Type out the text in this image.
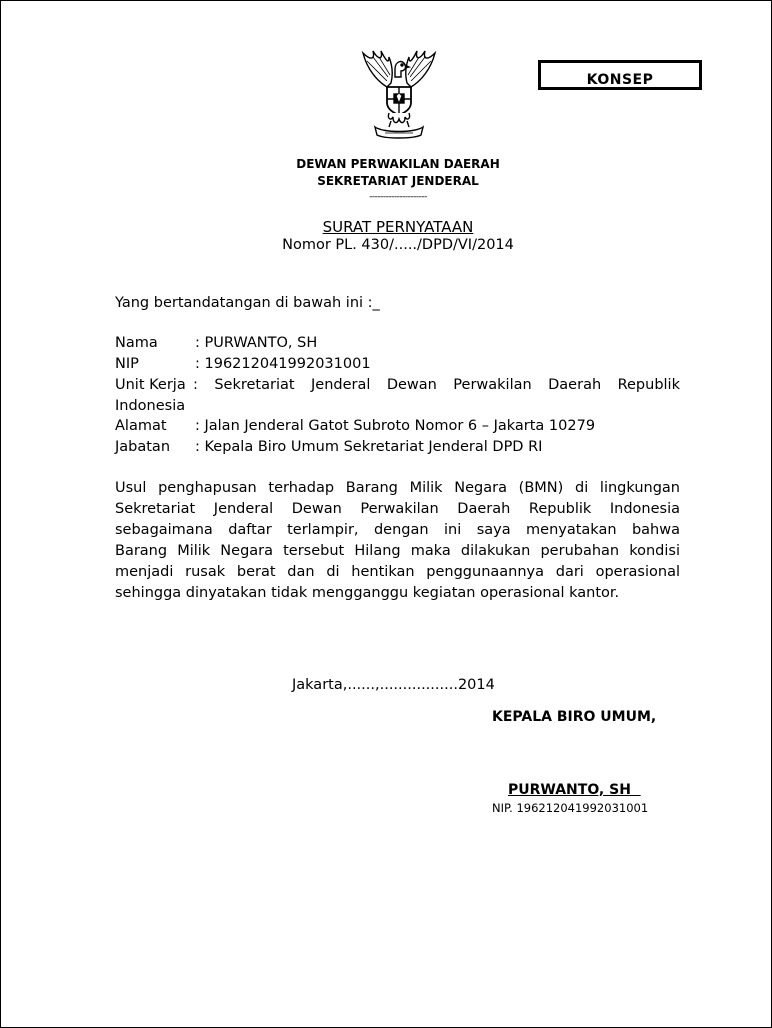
KONSEP
DEWAN PERWAKILAN DAERAH
SEKRETARIAT JENDERAL
---------------------
SURAT PERNYATAAN
Nomor PL. 430/...../DPD/VI/2014
Yang bertandatangan di bawah ini :_
Nama	: PURWANTO, SH
NIP	: 196212041992031001
Unit Kerja : Sekretariat Jenderal Dewan Perwakilan Daerah Republik
Indonesia
Alamat : Jalan Jenderal Gatot Subroto Nomor 6 – Jakarta 10279
Jabatan : Kepala Biro Umum Sekretariat Jenderal DPD RI
Usul penghapusan terhadap Barang Milik Negara (BMN) di lingkungan
Sekretariat Jenderal Dewan Perwakilan Daerah Republik Indonesia
sebagaimana daftar terlampir, dengan ini saya menyatakan bahwa
Barang Milik Negara tersebut Hilang maka dilakukan perubahan kondisi
menjadi rusak berat dan di hentikan penggunaannya dari operasional
sehingga dinyatakan tidak mengganggu kegiatan operasional kantor.
Jakarta,......,.................2014
KEPALA BIRO UMUM,
PURWANTO, SH
NIP. 196212041992031001
